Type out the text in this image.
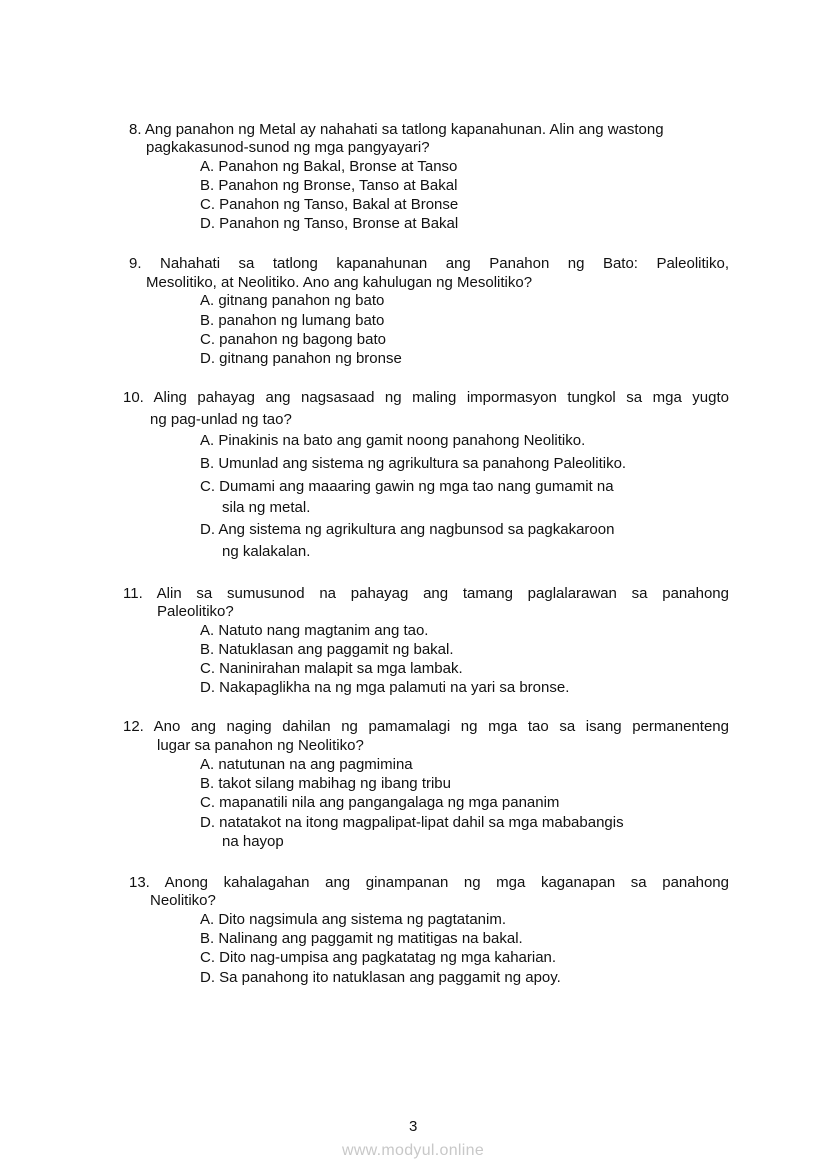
8. Ang panahon ng Metal ay nahahati sa tatlong kapanahunan. Alin ang wastong
pagkakasunod-sunod ng mga pangyayari?
A. Panahon ng Bakal, Bronse at Tanso
B. Panahon ng Bronse, Tanso at Bakal
C. Panahon ng Tanso, Bakal at Bronse
D. Panahon ng Tanso, Bronse at Bakal
9. Nahahati sa tatlong kapanahunan ang Panahon ng Bato: Paleolitiko,
Mesolitiko, at Neolitiko. Ano ang kahulugan ng Mesolitiko?
A. gitnang panahon ng bato
B. panahon ng lumang bato
C. panahon ng bagong bato
D. gitnang panahon ng bronse
10. Aling pahayag ang nagsasaad ng maling impormasyon tungkol sa mga yugto
ng pag-unlad ng tao?
A. Pinakinis na bato ang gamit noong panahong Neolitiko.
B. Umunlad ang sistema ng agrikultura sa panahong Paleolitiko.
C. Dumami ang maaaring gawin ng mga tao nang gumamit na
sila ng metal.
D. Ang sistema ng agrikultura ang nagbunsod sa pagkakaroon
ng kalakalan.
11. Alin sa sumusunod na pahayag ang tamang paglalarawan sa panahong
Paleolitiko?
A. Natuto nang magtanim ang tao.
B. Natuklasan ang paggamit ng bakal.
C. Naninirahan malapit sa mga lambak.
D. Nakapaglikha na ng mga palamuti na yari sa bronse.
12. Ano ang naging dahilan ng pamamalagi ng mga tao sa isang permanenteng
lugar sa panahon ng Neolitiko?
A. natutunan na ang pagmimina
B. takot silang mabihag ng ibang tribu
C. mapanatili nila ang pangangalaga ng mga pananim
D. natatakot na itong magpalipat-lipat dahil sa mga mababangis
na hayop
13. Anong kahalagahan ang ginampanan ng mga kaganapan sa panahong
Neolitiko?
A. Dito nagsimula ang sistema ng pagtatanim.
B. Nalinang ang paggamit ng matitigas na bakal.
C. Dito nag-umpisa ang pagkatatag ng mga kaharian.
D. Sa panahong ito natuklasan ang paggamit ng apoy.
3
www.modyul.online
